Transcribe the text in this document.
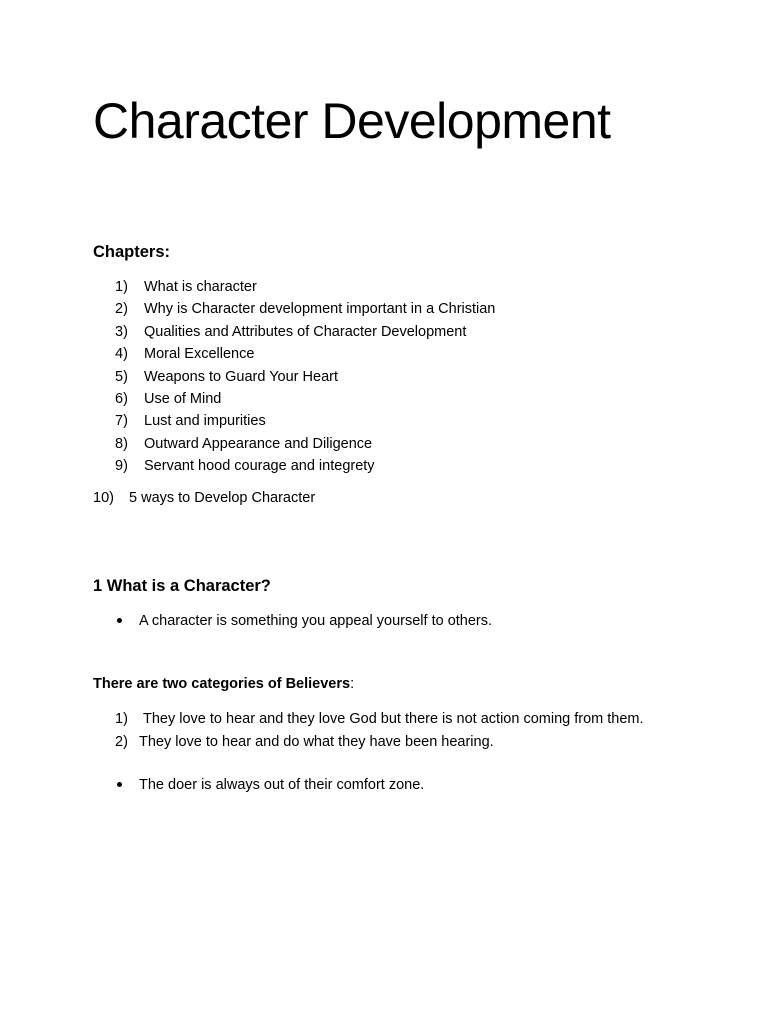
Character Development
Chapters:
1)	What is character
2)	Why is Character development important in a Christian
3)	Qualities and Attributes of Character Development
4)	Moral Excellence
5)	Weapons to Guard Your Heart
6)	Use of Mind
7)	Lust and impurities
8)	Outward Appearance and Diligence
9)	Servant hood courage and integrety
10) 5 ways to Develop Character
1 What is a Character?
A character is something you appeal yourself to others.
There are two categories of Believers:
1) They love to hear and they love God but there is not action coming from them.
2) They love to hear and do what they have been hearing.
The doer is always out of their comfort zone.
